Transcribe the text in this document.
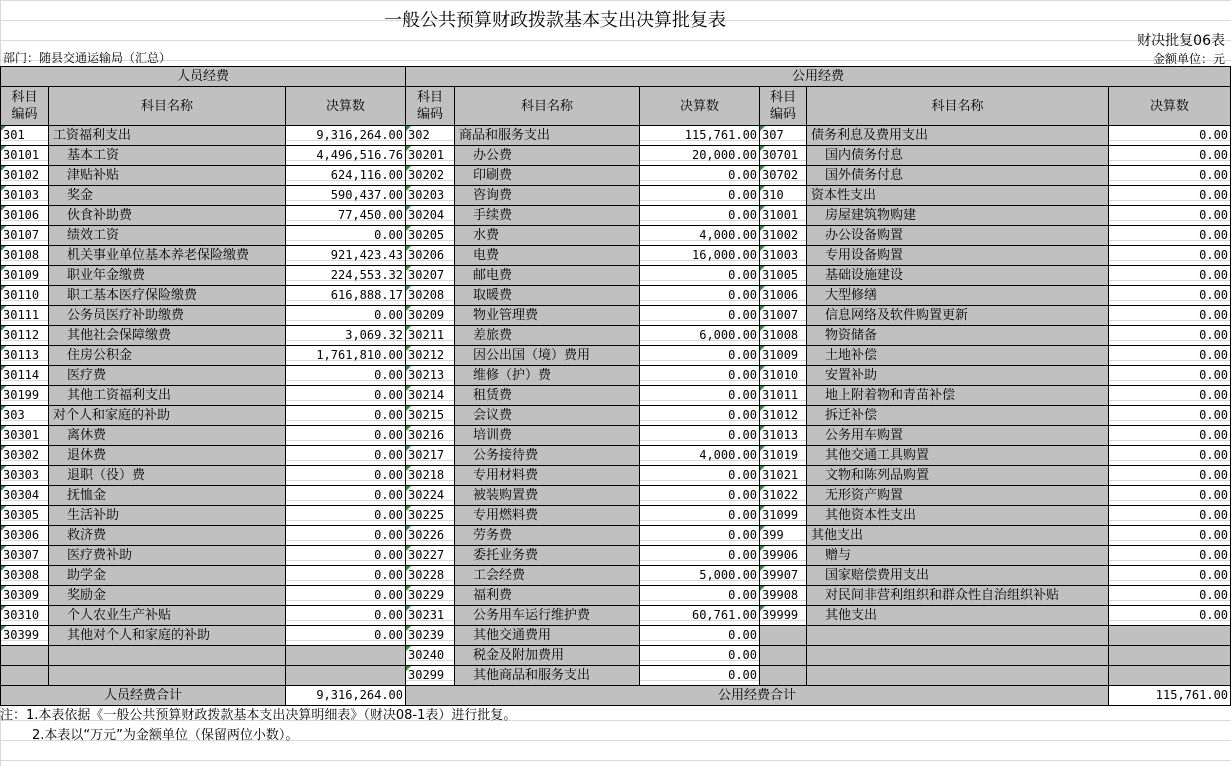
一般公共预算财政拨款基本支出决算批复表
财决批复06表
部门：随县交通运输局（汇总）	金额单位：元
人员经费			公用经费					
科目
编码	科目名称	决算数	科目
编码	科目名称	决算数	科目
编码	科目名称	决算数
301	工资福利支出	9,316,264.00	302	商品和服务支出	115,761.00	307	债务利息及费用支出	0.00
30101	基本工资	4,496,516.76	30201	办公费	20,000.00	30701	国内债务付息	0.00
30102	津贴补贴	624,116.00	30202	印刷费	0.00	30702	国外债务付息	0.00
30103	奖金	590,437.00	30203	咨询费	0.00	310	资本性支出	0.00
30106	伙食补助费	77,450.00	30204	手续费	0.00	31001	房屋建筑物购建	0.00
30107	绩效工资	0.00	30205	水费	4,000.00	31002	办公设备购置	0.00
30108	机关事业单位基本养老保险缴费	921,423.43	30206	电费	16,000.00	31003	专用设备购置	0.00
30109	职业年金缴费	224,553.32	30207	邮电费	0.00	31005	基础设施建设	0.00
30110	职工基本医疗保险缴费	616,888.17	30208	取暖费	0.00	31006	大型修缮	0.00
30111	公务员医疗补助缴费	0.00	30209	物业管理费	0.00	31007	信息网络及软件购置更新	0.00
30112	其他社会保障缴费	3,069.32	30211	差旅费	6,000.00	31008	物资储备	0.00
30113	住房公积金	1,761,810.00	30212	因公出国（境）费用	0.00	31009	土地补偿	0.00
30114	医疗费	0.00	30213	维修（护）费	0.00	31010	安置补助	0.00
30199	其他工资福利支出	0.00	30214	租赁费	0.00	31011	地上附着物和青苗补偿	0.00
303	对个人和家庭的补助	0.00	30215	会议费	0.00	31012	拆迁补偿	0.00
30301	离休费	0.00	30216	培训费	0.00	31013	公务用车购置	0.00
30302	退休费	0.00	30217	公务接待费	4,000.00	31019	其他交通工具购置	0.00
30303	退职（役）费	0.00	30218	专用材料费	0.00	31021	文物和陈列品购置	0.00
30304	抚恤金	0.00	30224	被装购置费	0.00	31022	无形资产购置	0.00
30305	生活补助	0.00	30225	专用燃料费	0.00	31099	其他资本性支出	0.00
30306	救济费	0.00	30226	劳务费	0.00	399	其他支出	0.00
30307	医疗费补助	0.00	30227	委托业务费	0.00	39906	赠与	0.00
30308	助学金	0.00	30228	工会经费	5,000.00	39907	国家赔偿费用支出	0.00
30309	奖励金	0.00	30229	福利费	0.00	39908	对民间非营利组织和群众性自治组织补贴	0.00
30310	个人农业生产补贴	0.00	30231	公务用车运行维护费	60,761.00	39999	其他支出	0.00
30399	其他对个人和家庭的补助	0.00	30239	其他交通费用	0.00			
			30240	税金及附加费用	0.00			
			30299	其他商品和服务支出	0.00			
人员经费合计		9,316,264.00	公用经费合计					115,761.00
注：1.本表依据《一般公共预算财政拨款基本支出决算明细表》（财决08-1表）进行批复。
2.本表以“万元”为金额单位（保留两位小数）。
